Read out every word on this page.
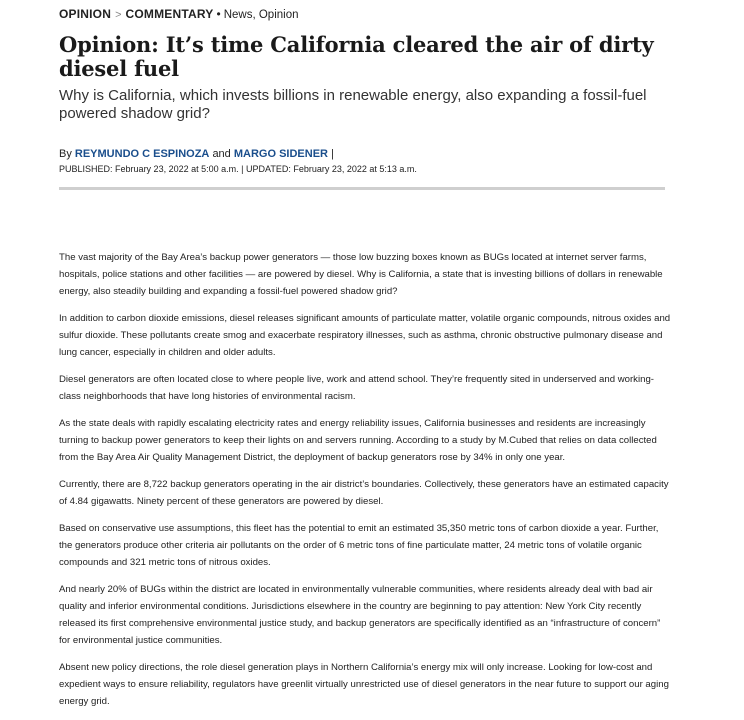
OPINION > COMMENTARY • News, Opinion
Opinion: It’s time California cleared the air of dirty diesel fuel

Why is California, which invests billions in renewable energy, also expanding a fossil-fuel powered shadow grid?

By REYMUNDO C ESPINOZA and MARGO SIDENER |
PUBLISHED: February 23, 2022 at 5:00 a.m. | UPDATED: February 23, 2022 at 5:13 a.m.

The vast majority of the Bay Area’s backup power generators — those low buzzing boxes known as BUGs located at internet server farms, hospitals, police stations and other facilities — are powered by diesel. Why is California, a state that is investing billions of dollars in renewable energy, also steadily building and expanding a fossil-fuel powered shadow grid?

In addition to carbon dioxide emissions, diesel releases significant amounts of particulate matter, volatile organic compounds, nitrous oxides and sulfur dioxide. These pollutants create smog and exacerbate respiratory illnesses, such as asthma, chronic obstructive pulmonary disease and lung cancer, especially in children and older adults.

Diesel generators are often located close to where people live, work and attend school. They’re frequently sited in underserved and working-class neighborhoods that have long histories of environmental racism.

As the state deals with rapidly escalating electricity rates and energy reliability issues, California businesses and residents are increasingly turning to backup power generators to keep their lights on and servers running. According to a study by M.Cubed that relies on data collected from the Bay Area Air Quality Management District, the deployment of backup generators rose by 34% in only one year.

Currently, there are 8,722 backup generators operating in the air district’s boundaries. Collectively, these generators have an estimated capacity of 4.84 gigawatts. Ninety percent of these generators are powered by diesel.

Based on conservative use assumptions, this fleet has the potential to emit an estimated 35,350 metric tons of carbon dioxide a year. Further, the generators produce other criteria air pollutants on the order of 6 metric tons of fine particulate matter, 24 metric tons of volatile organic compounds and 321 metric tons of nitrous oxides.

And nearly 20% of BUGs within the district are located in environmentally vulnerable communities, where residents already deal with bad air quality and inferior environmental conditions. Jurisdictions elsewhere in the country are beginning to pay attention: New York City recently released its first comprehensive environmental justice study, and backup generators are specifically identified as an “infrastructure of concern” for environmental justice communities.

Absent new policy directions, the role diesel generation plays in Northern California’s energy mix will only increase. Looking for low-cost and expedient ways to ensure reliability, regulators have greenlit virtually unrestricted use of diesel generators in the near future to support our aging energy grid.
